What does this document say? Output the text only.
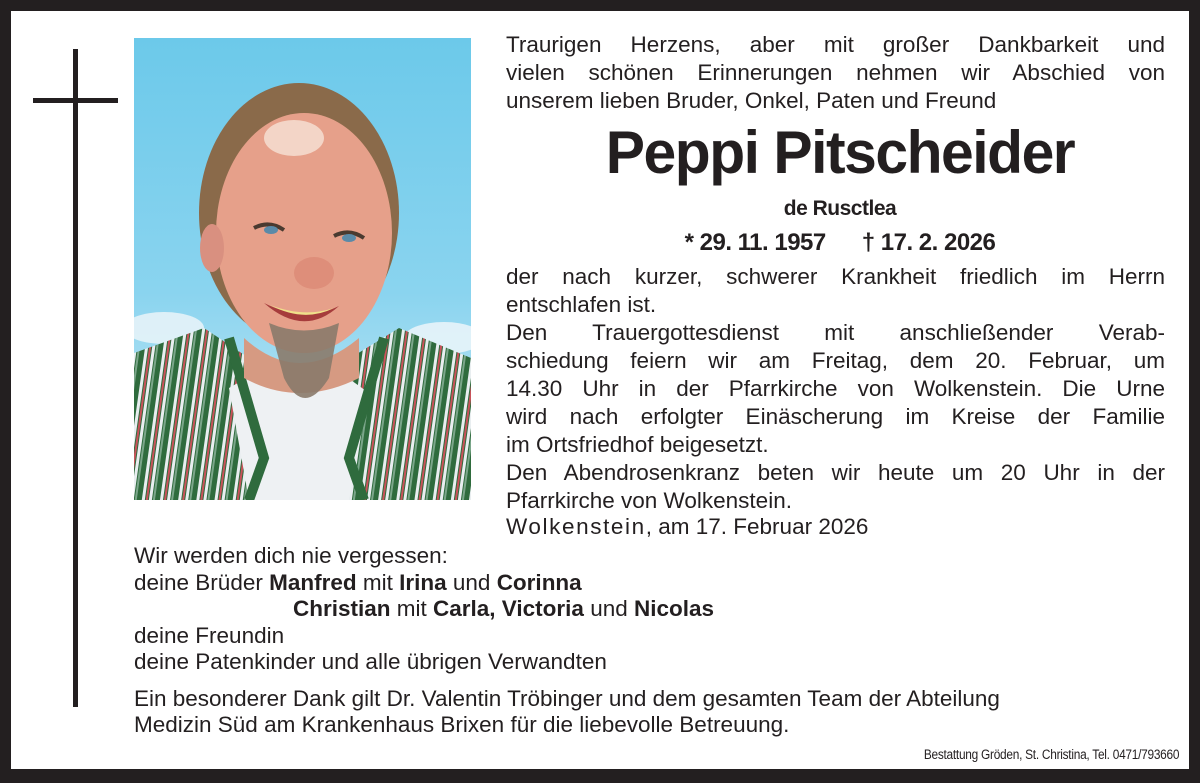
Traurigen Herzens, aber mit großer Dankbarkeit und
vielen schönen Erinnerungen nehmen wir Abschied von
unserem lieben Bruder, Onkel, Paten und Freund
Peppi Pitscheider
de Rusctlea
* 29. 11. 1957 † 17. 2. 2026
der nach kurzer, schwerer Krankheit friedlich im Herrn
entschlafen ist.
Den Trauergottesdienst mit anschließender Verab-
schiedung feiern wir am Freitag, dem 20. Februar, um
14.30 Uhr in der Pfarrkirche von Wolkenstein. Die Urne
wird nach erfolgter Einäscherung im Kreise der Familie
im Ortsfriedhof beigesetzt.
Den Abendrosenkranz beten wir heute um 20 Uhr in der
Pfarrkirche von Wolkenstein.
Wolkenstein, am 17. Februar 2026
Wir werden dich nie vergessen:
deine Brüder Manfred mit Irina und Corinna
Christian mit Carla, Victoria und Nicolas
deine Freundin
deine Patenkinder und alle übrigen Verwandten
Ein besonderer Dank gilt Dr. Valentin Tröbinger und dem gesamten Team der Abteilung
Medizin Süd am Krankenhaus Brixen für die liebevolle Betreuung.
Bestattung Gröden, St. Christina, Tel. 0471/793660
